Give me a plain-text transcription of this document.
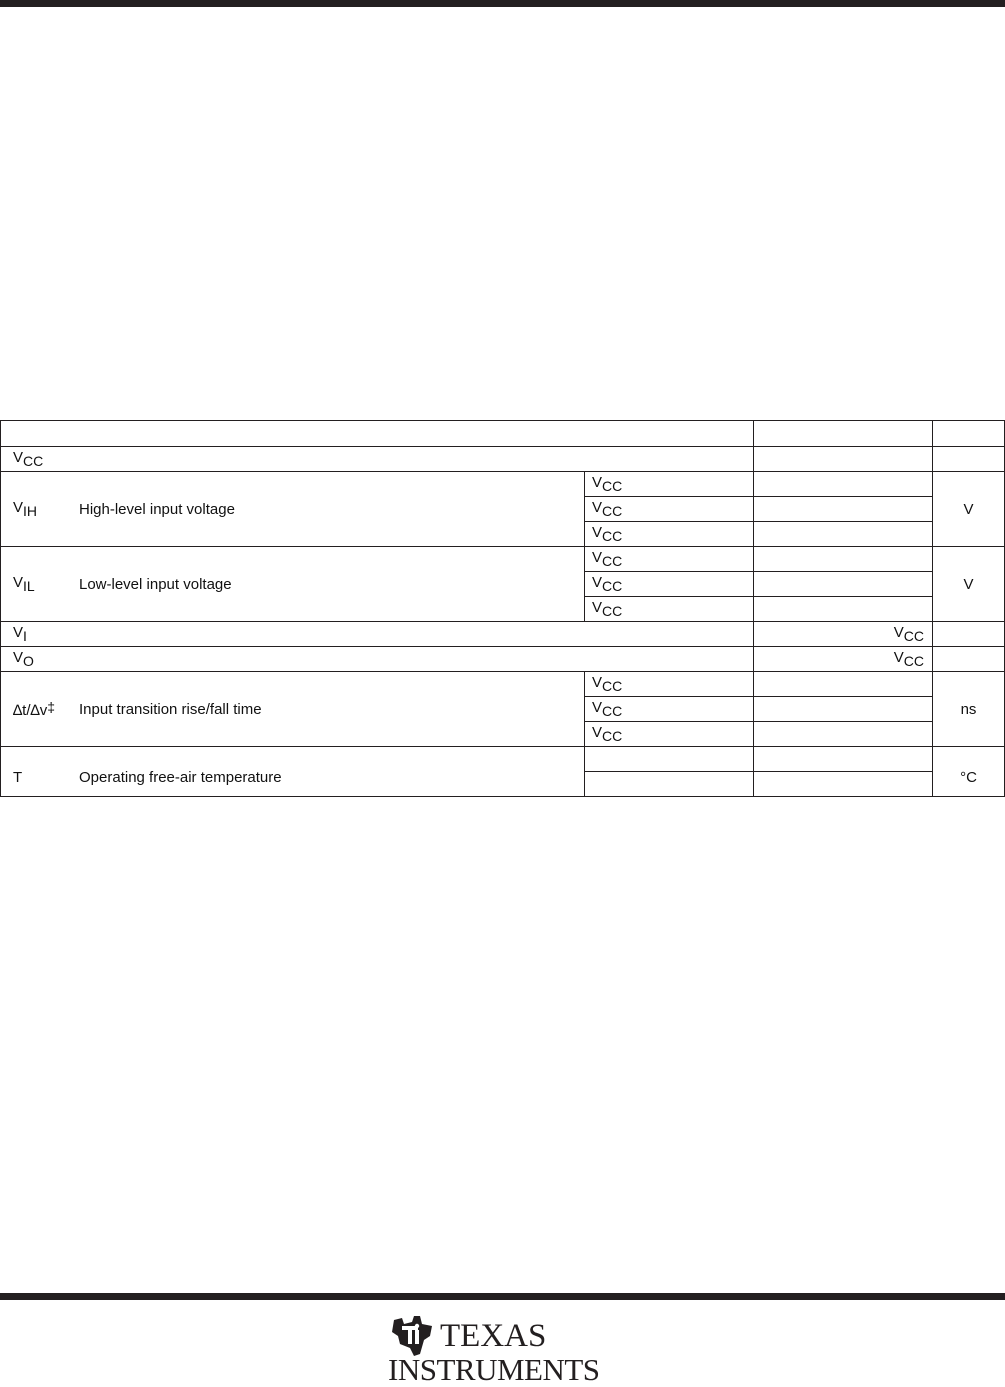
VCC			

VIH High-level input voltage	VCC		V
	VCC		
	VCC		

VIL Low-level input voltage	VCC		V
	VCC		
	VCC		
VI		VCC	
VO		VCC	

∆t/∆v‡ Input transition rise/fall time	VCC		ns
	VCC		
	VCC		

T Operating free-air temperature			°C

TEXAS
INSTRUMENTS
